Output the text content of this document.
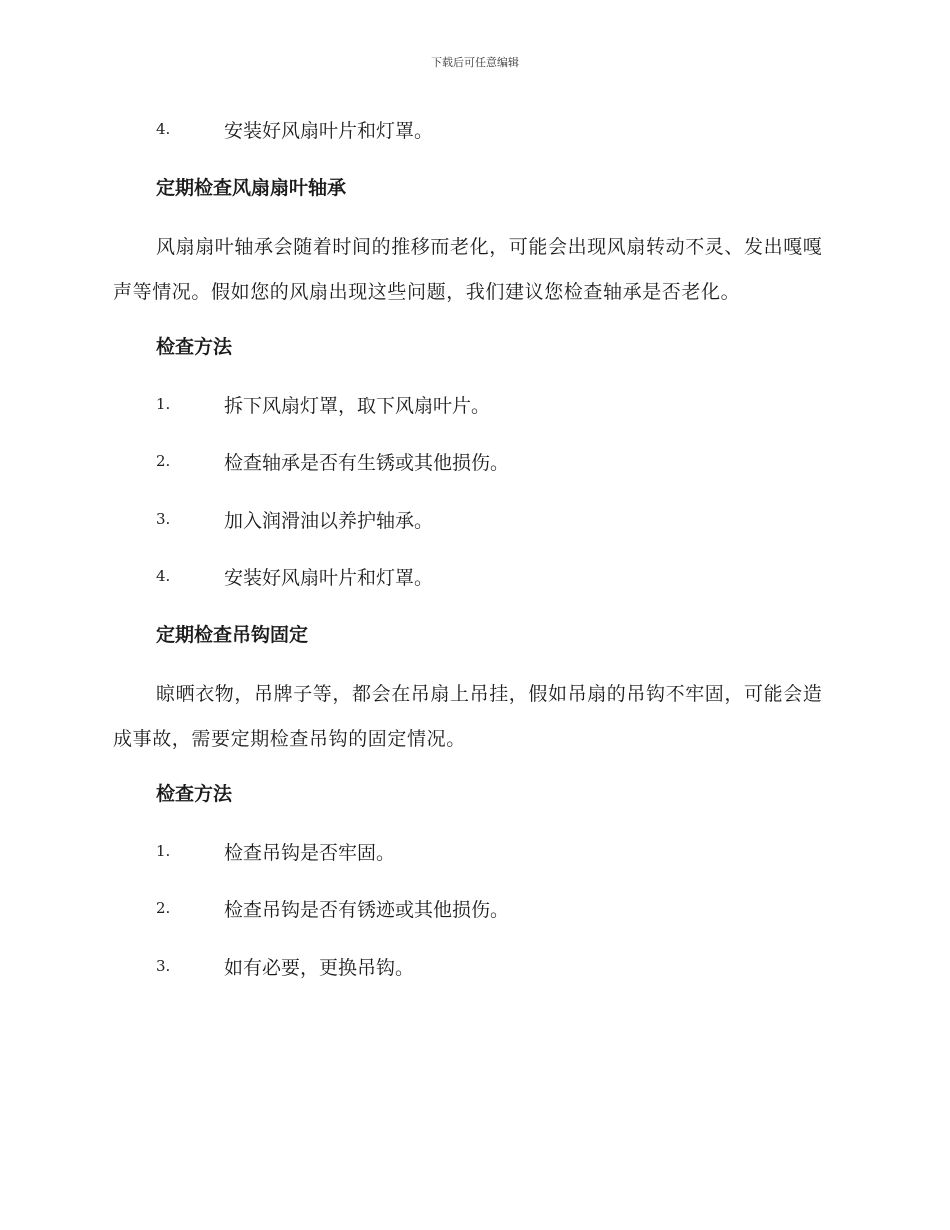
下载后可任意编辑
4.	安装好风扇叶片和灯罩。
定期检查风扇扇叶轴承
风扇扇叶轴承会随着时间的推移而老化，可能会出现风扇转动不灵、发出嘎嘎声等情况。假如您的风扇出现这些问题，我们建议您检查轴承是否老化。
检查方法
1.	拆下风扇灯罩，取下风扇叶片。
2.	检查轴承是否有生锈或其他损伤。
3.	加入润滑油以养护轴承。
4.	安装好风扇叶片和灯罩。
定期检查吊钩固定
晾晒衣物，吊牌子等，都会在吊扇上吊挂，假如吊扇的吊钩不牢固，可能会造成事故，需要定期检查吊钩的固定情况。
检查方法
1.	检查吊钩是否牢固。
2.	检查吊钩是否有锈迹或其他损伤。
3.	如有必要，更换吊钩。
